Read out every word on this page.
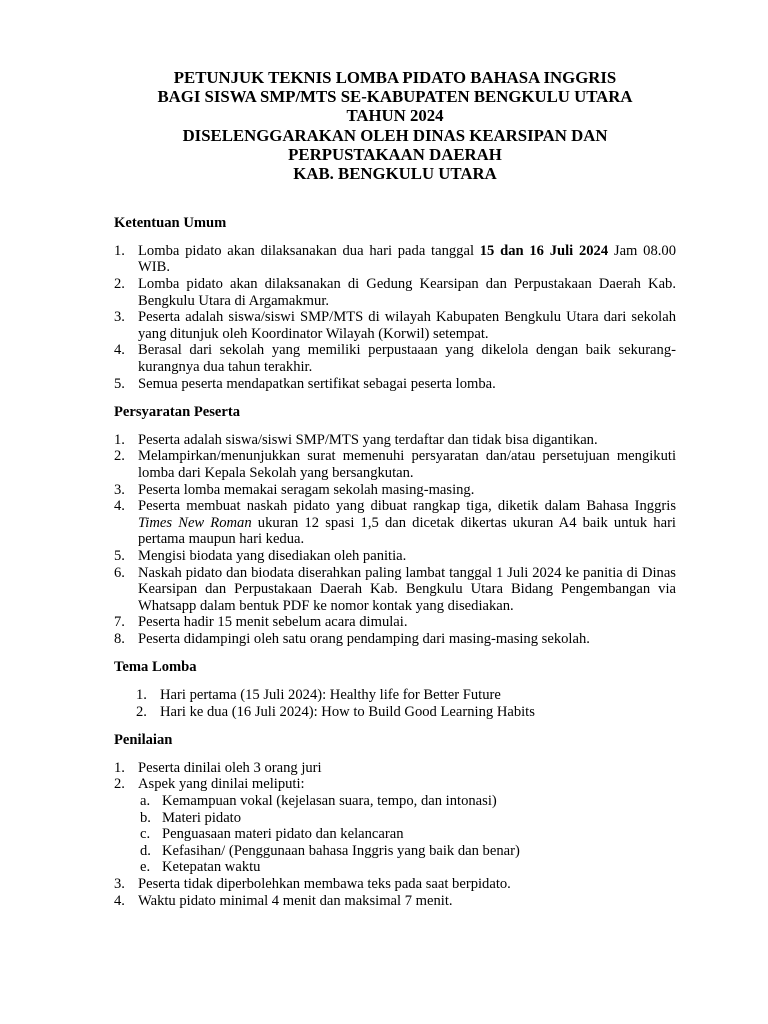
PETUNJUK TEKNIS LOMBA PIDATO BAHASA INGGRIS
BAGI SISWA SMP/MTS SE-KABUPATEN BENGKULU UTARA
TAHUN 2024
DISELENGGARAKAN OLEH DINAS KEARSIPAN DAN
PERPUSTAKAAN DAERAH
KAB. BENGKULU UTARA
Ketentuan Umum
1. Lomba pidato akan dilaksanakan dua hari pada tanggal 15 dan 16 Juli 2024 Jam 08.00 WIB.
2. Lomba pidato akan dilaksanakan di Gedung Kearsipan dan Perpustakaan Daerah Kab. Bengkulu Utara di Argamakmur.
3. Peserta adalah siswa/siswi SMP/MTS di wilayah Kabupaten Bengkulu Utara dari sekolah yang ditunjuk oleh Koordinator Wilayah (Korwil) setempat.
4. Berasal dari sekolah yang memiliki perpustaaan yang dikelola dengan baik sekurang-kurangnya dua tahun terakhir.
5. Semua peserta mendapatkan sertifikat sebagai peserta lomba.
Persyaratan Peserta
1. Peserta adalah siswa/siswi SMP/MTS yang terdaftar dan tidak bisa digantikan.
2. Melampirkan/menunjukkan surat memenuhi persyaratan dan/atau persetujuan mengikuti lomba dari Kepala Sekolah yang bersangkutan.
3. Peserta lomba memakai seragam sekolah masing-masing.
4. Peserta membuat naskah pidato yang dibuat rangkap tiga, diketik dalam Bahasa Inggris Times New Roman ukuran 12 spasi 1,5 dan dicetak dikertas ukuran A4 baik untuk hari pertama maupun hari kedua.
5. Mengisi biodata yang disediakan oleh panitia.
6. Naskah pidato dan biodata diserahkan paling lambat tanggal 1 Juli 2024 ke panitia di Dinas Kearsipan dan Perpustakaan Daerah Kab. Bengkulu Utara Bidang Pengembangan via Whatsapp dalam bentuk PDF ke nomor kontak yang disediakan.
7. Peserta hadir 15 menit sebelum acara dimulai.
8. Peserta didampingi oleh satu orang pendamping dari masing-masing sekolah.
Tema Lomba
1. Hari pertama (15 Juli 2024): Healthy life for Better Future
2. Hari ke dua (16 Juli 2024): How to Build Good Learning Habits
Penilaian
1. Peserta dinilai oleh 3 orang juri
2. Aspek yang dinilai meliputi:
a. Kemampuan vokal (kejelasan suara, tempo, dan intonasi)
b. Materi pidato
c. Penguasaan materi pidato dan kelancaran
d. Kefasihan/ (Penggunaan bahasa Inggris yang baik dan benar)
e. Ketepatan waktu
3. Peserta tidak diperbolehkan membawa teks pada saat berpidato.
4. Waktu pidato minimal 4 menit dan maksimal 7 menit.
